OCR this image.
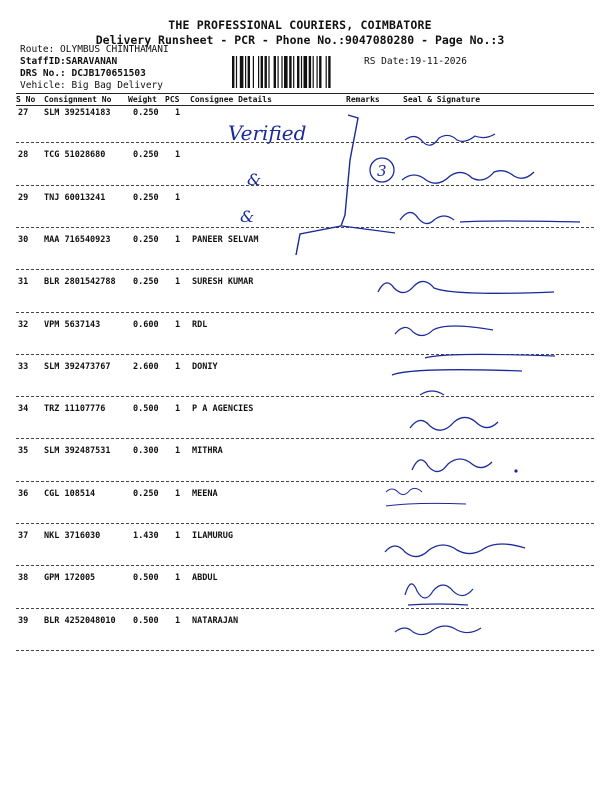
THE PROFESSIONAL COURIERS, COIMBATORE
Delivery Runsheet - PCR - Phone No.:9047080280 - Page No.:3
Route: OLYMBUS CHINTHAMANI
StaffID:SARAVANAN	RS Date:19-11-2026
DRS No.: DCJB170651503
Vehicle: Big Bag Delivery
S No Consignment No Weight PCS Consignee Details	Remarks	Seal & Signature
27 SLM 392514183	0.250 1
28 TCG 51028680	0.250 1
29 TNJ 60013241	0.250 1
30 MAA 716540923	0.250 1 PANEER SELVAM
31 BLR 2801542788 0.250 1 SURESH KUMAR
32 VPM 5637143	0.600 1 RDL
33 SLM 392473767	2.600 1 DONIY
34 TRZ 11107776	0.500 1 P A AGENCIES
35 SLM 392487531	0.300 1 MITHRA
36 CGL 108514	0.250 1 MEENA
37 NKL 3716030	1.430 1 ILAMURUG
38 GPM 172005	0.500 1 ABDUL
39 BLR 4252048010 0.500 1 NATARAJAN
3
Verified
&
&
